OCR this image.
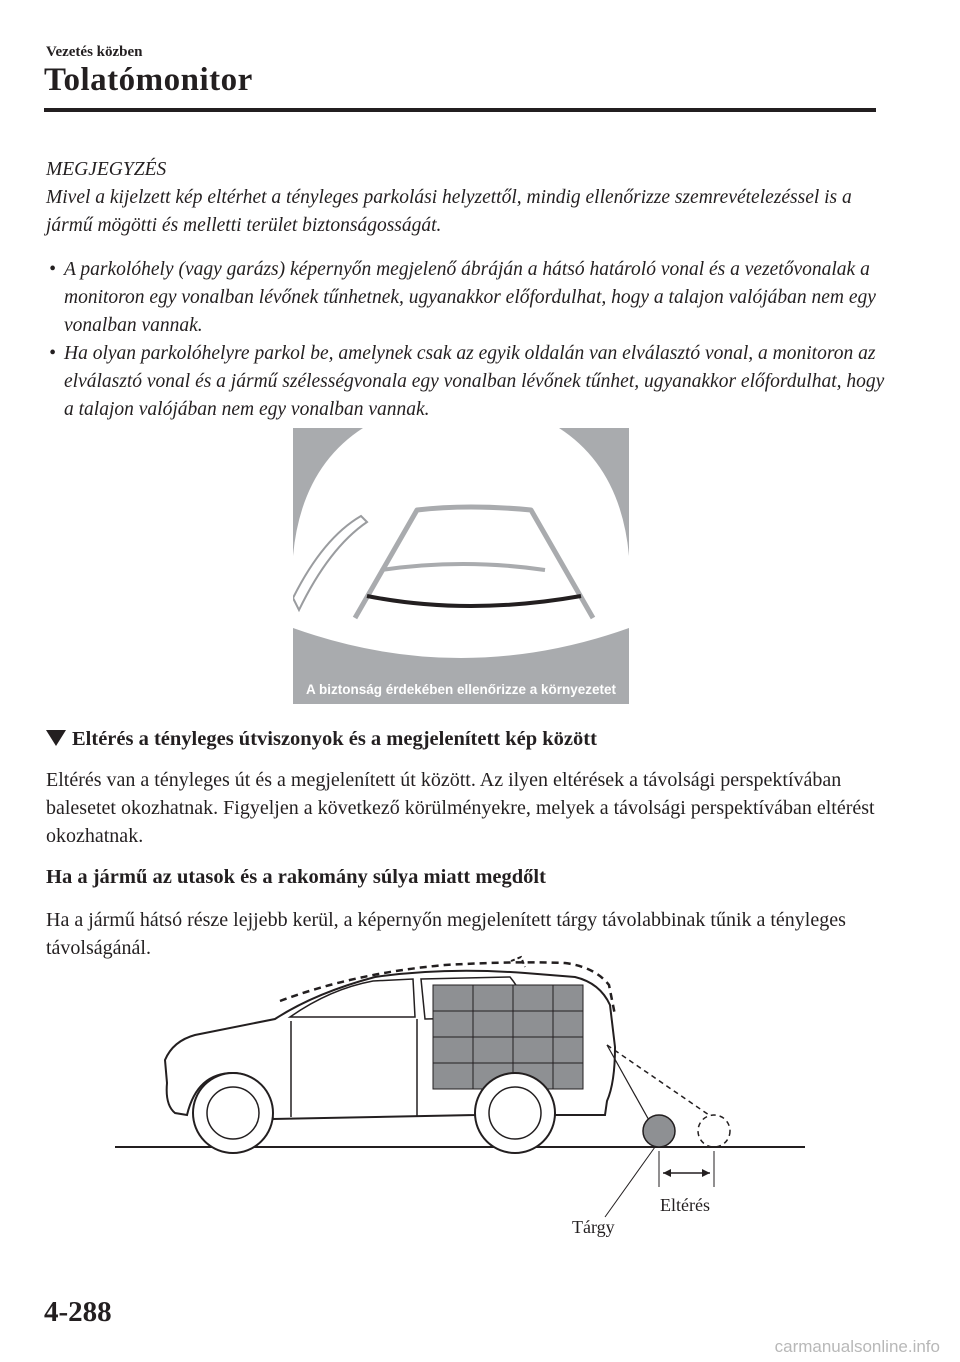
Vezetés közben
Tolatómonitor
MEGJEGYZÉS
Mivel a kijelzett kép eltérhet a tényleges parkolási helyzettől, mindig ellenőrizze szemrevételezéssel is a jármű mögötti és melletti terület biztonságosságát.
• A parkolóhely (vagy garázs) képernyőn megjelenő ábráján a hátsó határoló vonal és a vezetővonalak a monitoron egy vonalban lévőnek tűnhetnek, ugyanakkor előfordulhat, hogy a talajon valójában nem egy vonalban vannak.
• Ha olyan parkolóhelyre parkol be, amelynek csak az egyik oldalán van elválasztó vonal, a monitoron az elválasztó vonal és a jármű szélességvonala egy vonalban lévőnek tűnhet, ugyanakkor előfordulhat, hogy a talajon valójában nem egy vonalban vannak.
A biztonság érdekében ellenőrizze a környezetet
Eltérés a tényleges útviszonyok és a megjelenített kép között
Eltérés van a tényleges út és a megjelenített út között. Az ilyen eltérések a távolsági perspektívában balesetet okozhatnak. Figyeljen a következő körülményekre, melyek a távolsági perspektívában eltérést okozhatnak.
Ha a jármű az utasok és a rakomány súlya miatt megdőlt
Ha a jármű hátsó része lejjebb kerül, a képernyőn megjelenített tárgy távolabbinak tűnik a tényleges távolságánál.
Eltérés
Tárgy
4-288
carmanualsonline.info
